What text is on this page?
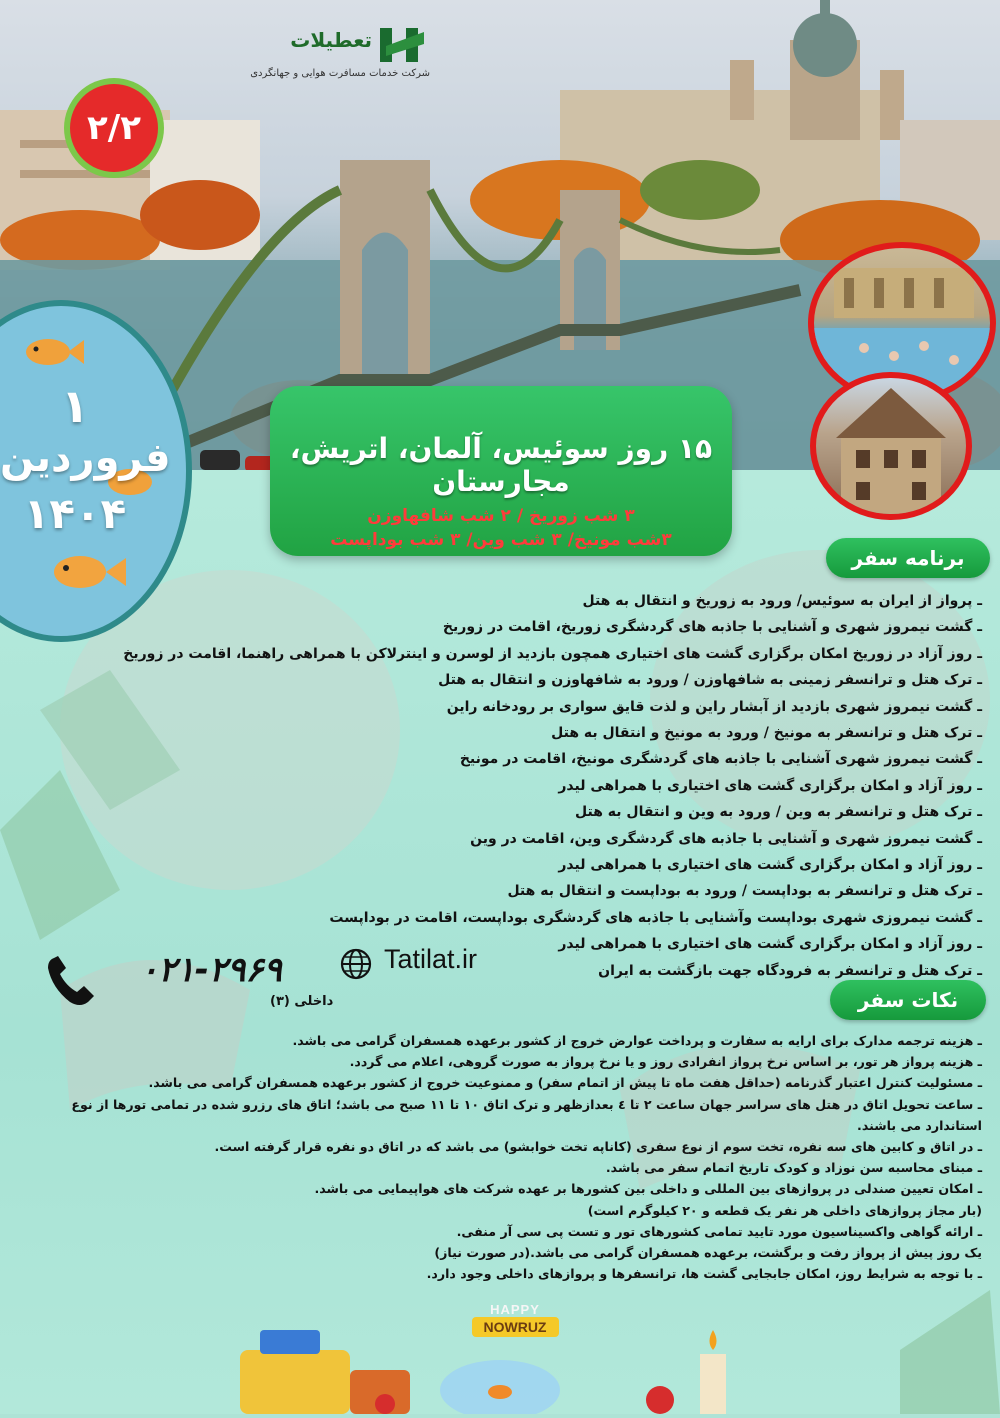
تعطیلات
شرکت خدمات مسافرت هوایی و جهانگردی
۲/۲
۱
فروردین
۱۴۰۴
۱۵ روز سوئیس، آلمان، اتریش، مجارستان
۳ شب زوریخ / ۲ شب شافهاوزن
۳شب مونیخ/ ۳ شب وین/ ۳ شب بوداپست
برنامه سفر
ـ پرواز از ایران به سوئیس/ ورود به زوریخ و انتقال به هتل
ـ گشت نیمروز شهری و آشنایی با جاذبه های گردشگری زوریخ، اقامت در زوریخ
ـ روز آزاد در زوریخ امکان برگزاری گشت های اختیاری همچون بازدید از لوسرن و اینترلاکن با همراهی راهنما، اقامت در زوریخ
ـ ترک هتل و ترانسفر زمینی به شافهاوزن / ورود به شافهاوزن و انتقال به هتل
ـ گشت نیمروز شهری بازدید از آبشار راین و لذت قایق سواری بر رودخانه راین
ـ ترک هتل و ترانسفر به مونیخ / ورود به مونیخ و انتقال به هتل
ـ گشت نیمروز شهری آشنایی با جاذبه های گردشگری مونیخ، اقامت در مونیخ
ـ روز آزاد و امکان برگزاری گشت های اختیاری با همراهی لیدر
ـ ترک هتل و ترانسفر به وین / ورود به وین و انتقال به هتل
ـ گشت نیمروز شهری و آشنایی با جاذبه های گردشگری وین، اقامت در وین
ـ روز آزاد و امکان برگزاری گشت های اختیاری با همراهی لیدر
ـ ترک هتل و ترانسفر به بوداپست / ورود به بوداپست و انتقال به هتل
ـ گشت نیمروزی شهری بوداپست وآشنایی با جاذبه های گردشگری بوداپست، اقامت در بوداپست
ـ روز آزاد و امکان برگزاری گشت های اختیاری با همراهی لیدر
ـ ترک هتل و ترانسفر به فرودگاه جهت بازگشت به ایران
۰۲۱-۲۹۶۹
داخلی (۳)
Tatilat.ir
نکات سفر
ـ هزینه ترجمه مدارک برای ارایه به سفارت و پرداخت عوارض خروج از کشور برعهده همسفران گرامی می باشد.
ـ هزینه پرواز هر تور، بر اساس نرخ پرواز انفرادی روز و یا نرخ پرواز به صورت گروهی، اعلام می گردد.
ـ مسئولیت کنترل اعتبار گذرنامه (حداقل هفت ماه تا پیش از اتمام سفر) و ممنوعیت خروج از کشور برعهده همسفران گرامی می باشد.
ـ ساعت تحویل اتاق در هتل های سراسر جهان ساعت ۲ تا ٤ بعدازظهر و ترک اتاق ۱۰ تا ۱۱ صبح می باشد؛ اتاق های رزرو شده در تمامی تورها از نوع استاندارد می باشند.
ـ در اتاق و کابین های سه نفره، تخت سوم از نوع سفری (کاناپه تخت خوابشو) می باشد که در اتاق دو نفره قرار گرفته است.
ـ مبنای محاسبه سن نوزاد و کودک تاریخ اتمام سفر می باشد.
ـ امکان تعیین صندلی در پروازهای بین المللی و داخلی بین کشورها بر عهده شرکت های هواپیمایی می باشد.
(بار مجاز پروازهای داخلی هر نفر یک قطعه و ۲۰ کیلوگرم است)
ـ ارائه گواهی واکسیناسیون مورد تایید تمامی کشورهای تور و تست پی سی آر منفی.
یک روز پیش از پرواز رفت و برگشت، برعهده همسفران گرامی می باشد.(در صورت نیاز)
ـ با توجه به شرایط روز، امکان جابجایی گشت ها، ترانسفرها و پروازهای داخلی وجود دارد.
HAPPY
NOWRUZ
